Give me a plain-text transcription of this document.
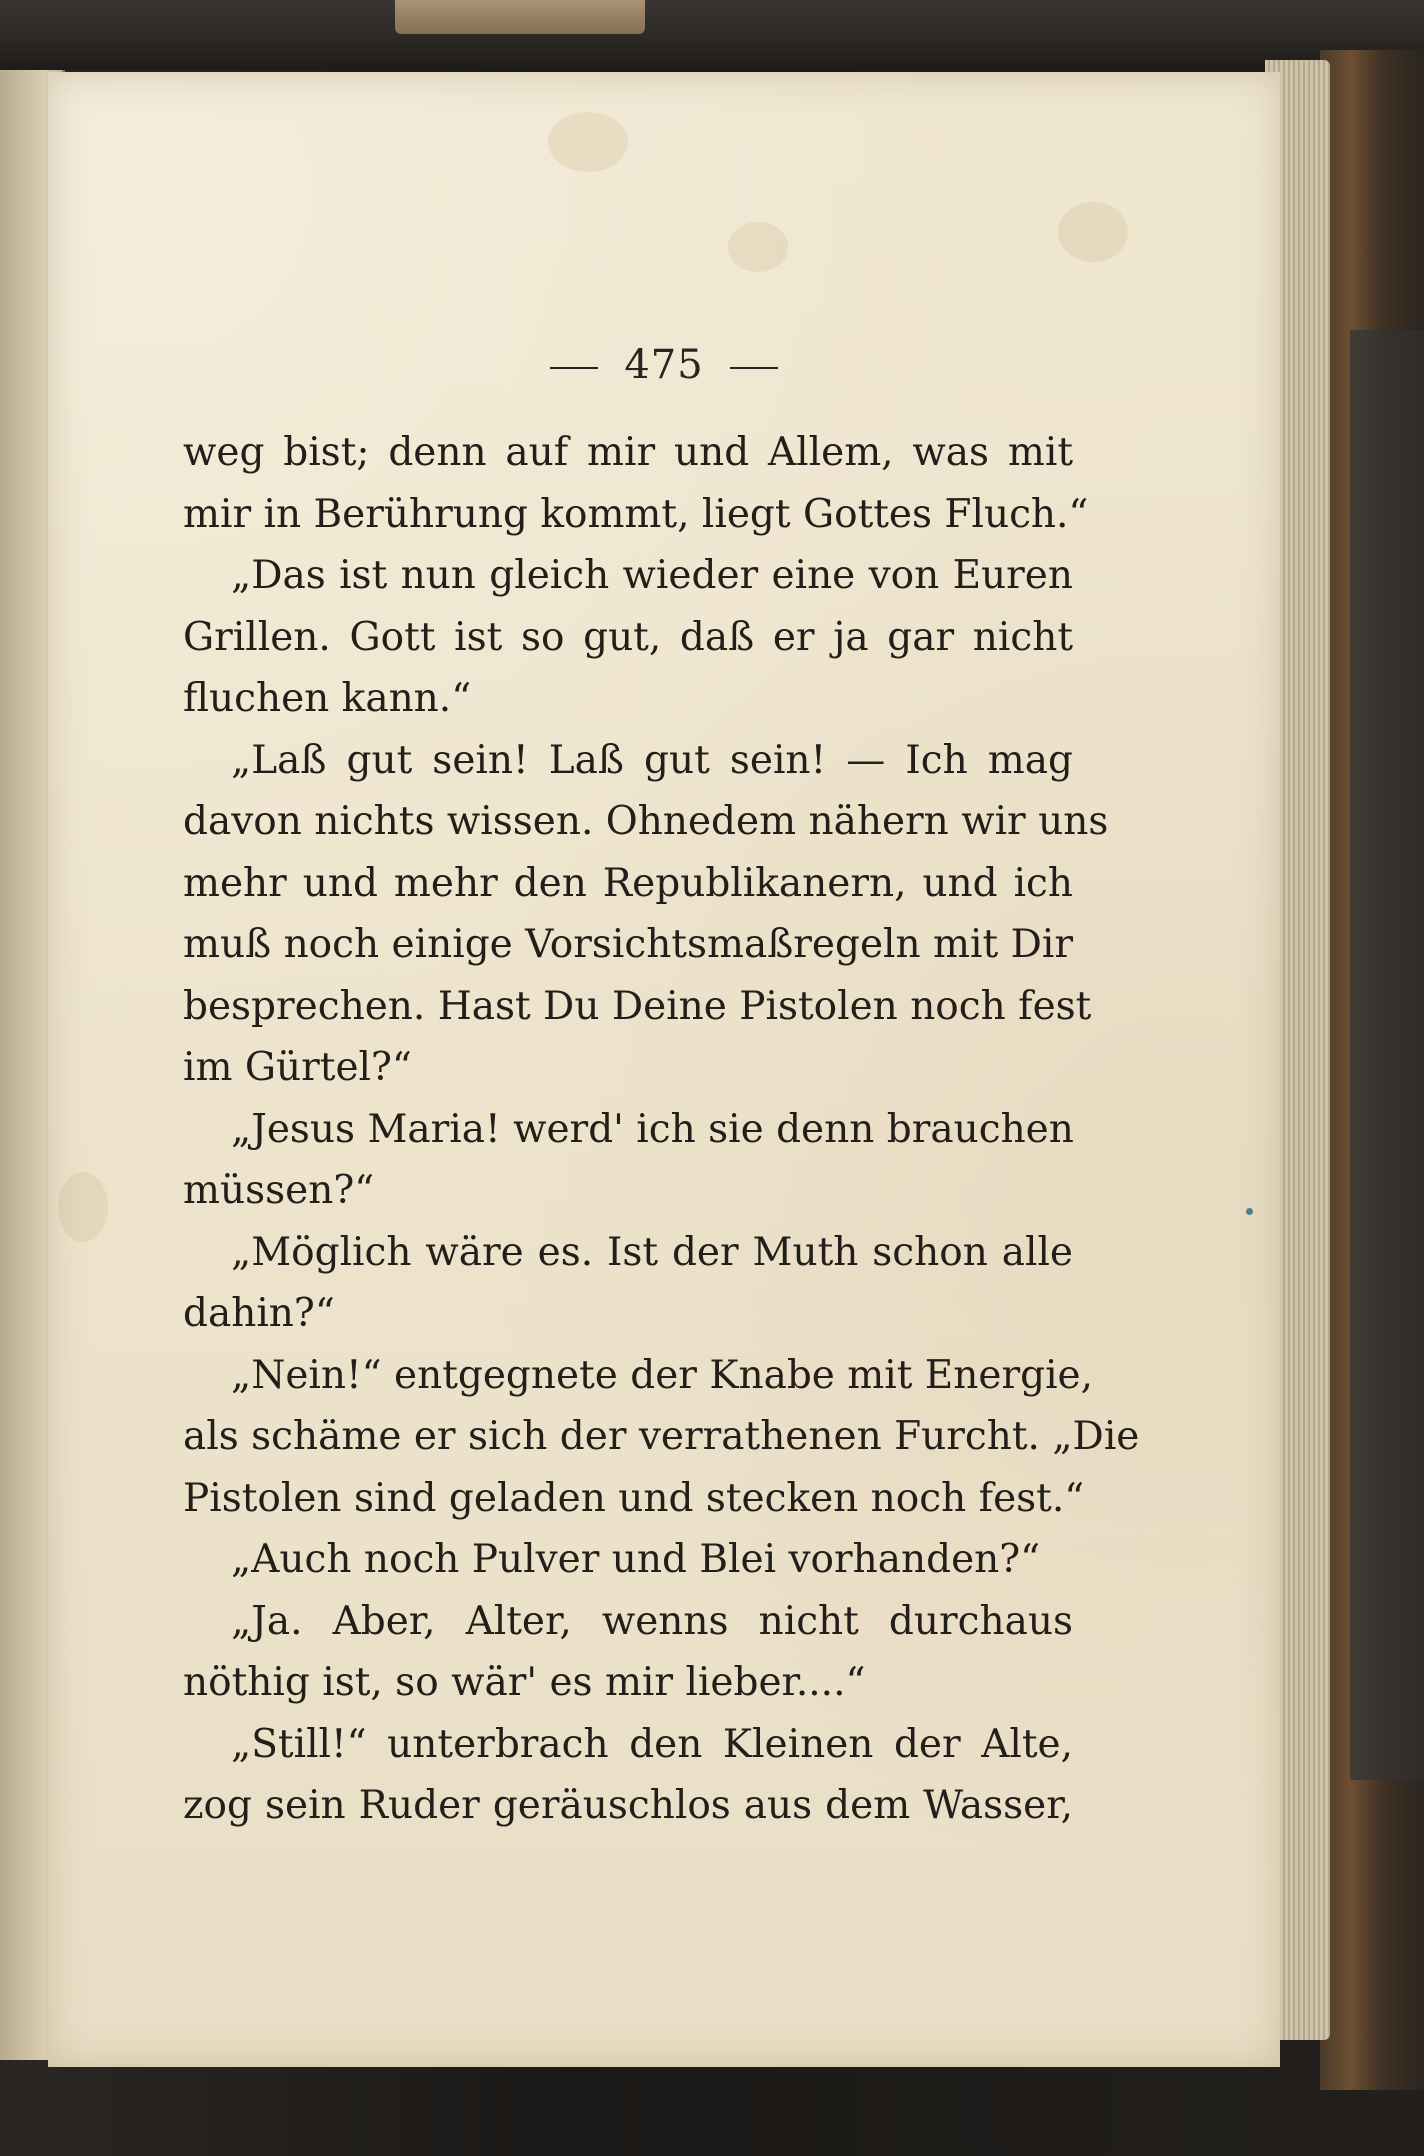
475

weg bist; denn auf mir und Allem, was mit
mir in Berührung kommt, liegt Gottes Fluch.“

„Das ist nun gleich wieder eine von Euren
Grillen. Gott ist so gut, daß er ja gar nicht
fluchen kann.“

„Laß gut sein! Laß gut sein! — Ich mag
davon nichts wissen. Ohnedem nähern wir uns
mehr und mehr den Republikanern, und ich
muß noch einige Vorsichtsmaßregeln mit Dir
besprechen. Hast Du Deine Pistolen noch fest
im Gürtel?“

„Jesus Maria! werd' ich sie denn brauchen
müssen?“

„Möglich wäre es. Ist der Muth schon alle
dahin?“

„Nein!“ entgegnete der Knabe mit Energie,
als schäme er sich der verrathenen Furcht. „Die
Pistolen sind geladen und stecken noch fest.“

„Auch noch Pulver und Blei vorhanden?“

„Ja. Aber, Alter, wenns nicht durchaus
nöthig ist, so wär' es mir lieber....“

„Still!“ unterbrach den Kleinen der Alte,
zog sein Ruder geräuschlos aus dem Wasser,
